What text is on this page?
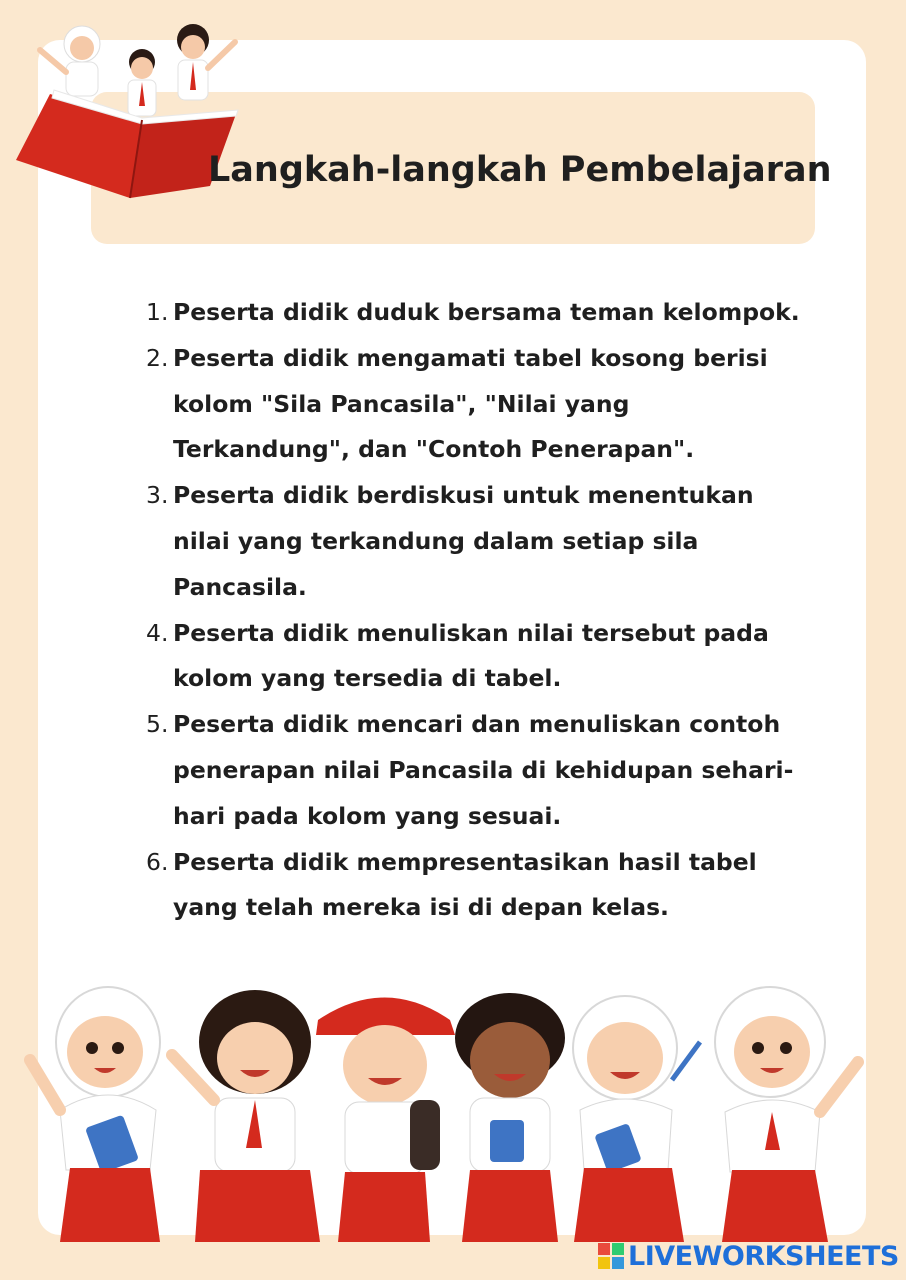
Langkah-langkah Pembelajaran
1. Peserta didik duduk bersama teman kelompok.
2. Peserta didik mengamati tabel kosong berisi kolom "Sila Pancasila", "Nilai yang Terkandung", dan "Contoh Penerapan".
3. Peserta didik berdiskusi untuk menentukan nilai yang terkandung dalam setiap sila Pancasila.
4. Peserta didik menuliskan nilai tersebut pada kolom yang tersedia di tabel.
5. Peserta didik mencari dan menuliskan contoh penerapan nilai Pancasila di kehidupan sehari-hari pada kolom yang sesuai.
6. Peserta didik mempresentasikan hasil tabel yang telah mereka isi di depan kelas.
LIVEWORKSHEETS
